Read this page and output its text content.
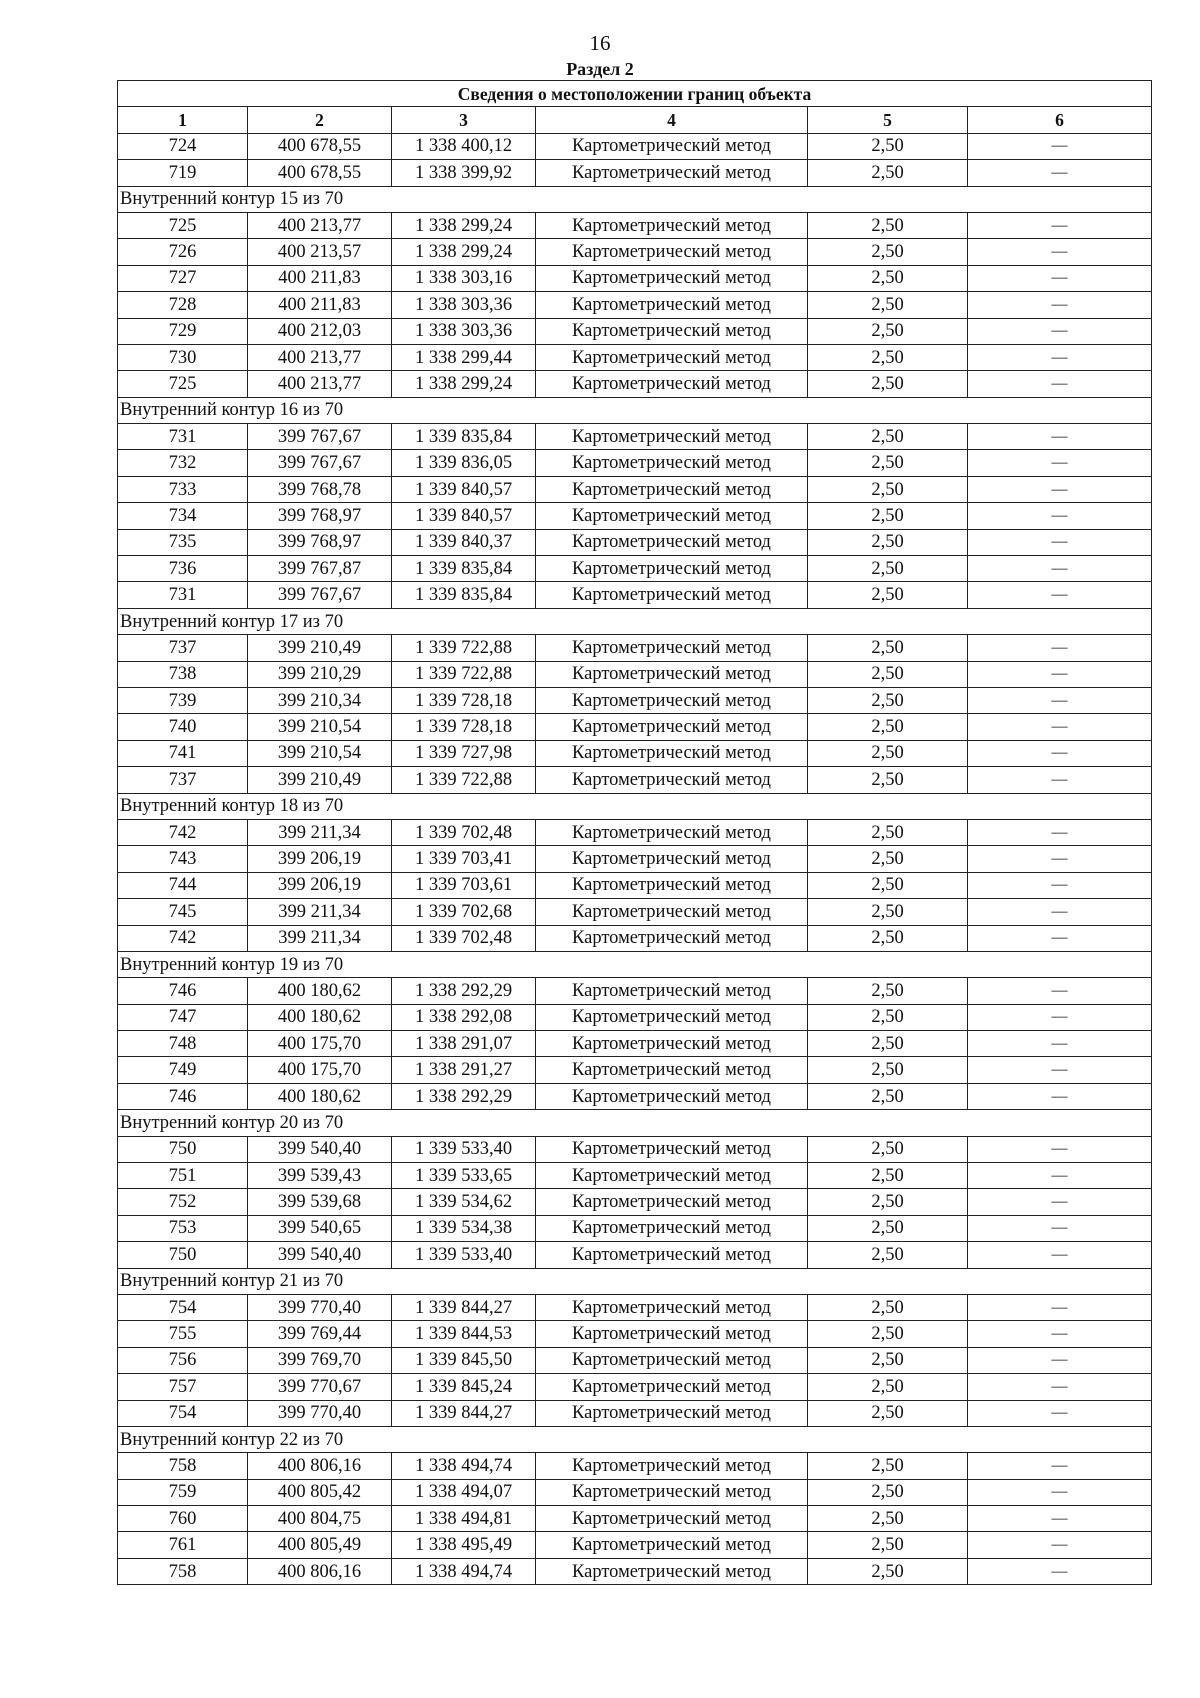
16
Раздел 2
Сведения о местоположении границ объекта					
1	2	3	4	5	6
724	400 678,55	1 338 400,12	Картометрический метод	2,50	—
719	400 678,55	1 338 399,92	Картометрический метод	2,50	—
Внутренний контур 15 из 70					
725	400 213,77	1 338 299,24	Картометрический метод	2,50	—
726	400 213,57	1 338 299,24	Картометрический метод	2,50	—
727	400 211,83	1 338 303,16	Картометрический метод	2,50	—
728	400 211,83	1 338 303,36	Картометрический метод	2,50	—
729	400 212,03	1 338 303,36	Картометрический метод	2,50	—
730	400 213,77	1 338 299,44	Картометрический метод	2,50	—
725	400 213,77	1 338 299,24	Картометрический метод	2,50	—
Внутренний контур 16 из 70					
731	399 767,67	1 339 835,84	Картометрический метод	2,50	—
732	399 767,67	1 339 836,05	Картометрический метод	2,50	—
733	399 768,78	1 339 840,57	Картометрический метод	2,50	—
734	399 768,97	1 339 840,57	Картометрический метод	2,50	—
735	399 768,97	1 339 840,37	Картометрический метод	2,50	—
736	399 767,87	1 339 835,84	Картометрический метод	2,50	—
731	399 767,67	1 339 835,84	Картометрический метод	2,50	—
Внутренний контур 17 из 70					
737	399 210,49	1 339 722,88	Картометрический метод	2,50	—
738	399 210,29	1 339 722,88	Картометрический метод	2,50	—
739	399 210,34	1 339 728,18	Картометрический метод	2,50	—
740	399 210,54	1 339 728,18	Картометрический метод	2,50	—
741	399 210,54	1 339 727,98	Картометрический метод	2,50	—
737	399 210,49	1 339 722,88	Картометрический метод	2,50	—
Внутренний контур 18 из 70					
742	399 211,34	1 339 702,48	Картометрический метод	2,50	—
743	399 206,19	1 339 703,41	Картометрический метод	2,50	—
744	399 206,19	1 339 703,61	Картометрический метод	2,50	—
745	399 211,34	1 339 702,68	Картометрический метод	2,50	—
742	399 211,34	1 339 702,48	Картометрический метод	2,50	—
Внутренний контур 19 из 70					
746	400 180,62	1 338 292,29	Картометрический метод	2,50	—
747	400 180,62	1 338 292,08	Картометрический метод	2,50	—
748	400 175,70	1 338 291,07	Картометрический метод	2,50	—
749	400 175,70	1 338 291,27	Картометрический метод	2,50	—
746	400 180,62	1 338 292,29	Картометрический метод	2,50	—
Внутренний контур 20 из 70					
750	399 540,40	1 339 533,40	Картометрический метод	2,50	—
751	399 539,43	1 339 533,65	Картометрический метод	2,50	—
752	399 539,68	1 339 534,62	Картометрический метод	2,50	—
753	399 540,65	1 339 534,38	Картометрический метод	2,50	—
750	399 540,40	1 339 533,40	Картометрический метод	2,50	—
Внутренний контур 21 из 70					
754	399 770,40	1 339 844,27	Картометрический метод	2,50	—
755	399 769,44	1 339 844,53	Картометрический метод	2,50	—
756	399 769,70	1 339 845,50	Картометрический метод	2,50	—
757	399 770,67	1 339 845,24	Картометрический метод	2,50	—
754	399 770,40	1 339 844,27	Картометрический метод	2,50	—
Внутренний контур 22 из 70					
758	400 806,16	1 338 494,74	Картометрический метод	2,50	—
759	400 805,42	1 338 494,07	Картометрический метод	2,50	—
760	400 804,75	1 338 494,81	Картометрический метод	2,50	—
761	400 805,49	1 338 495,49	Картометрический метод	2,50	—
758	400 806,16	1 338 494,74	Картометрический метод	2,50	—
